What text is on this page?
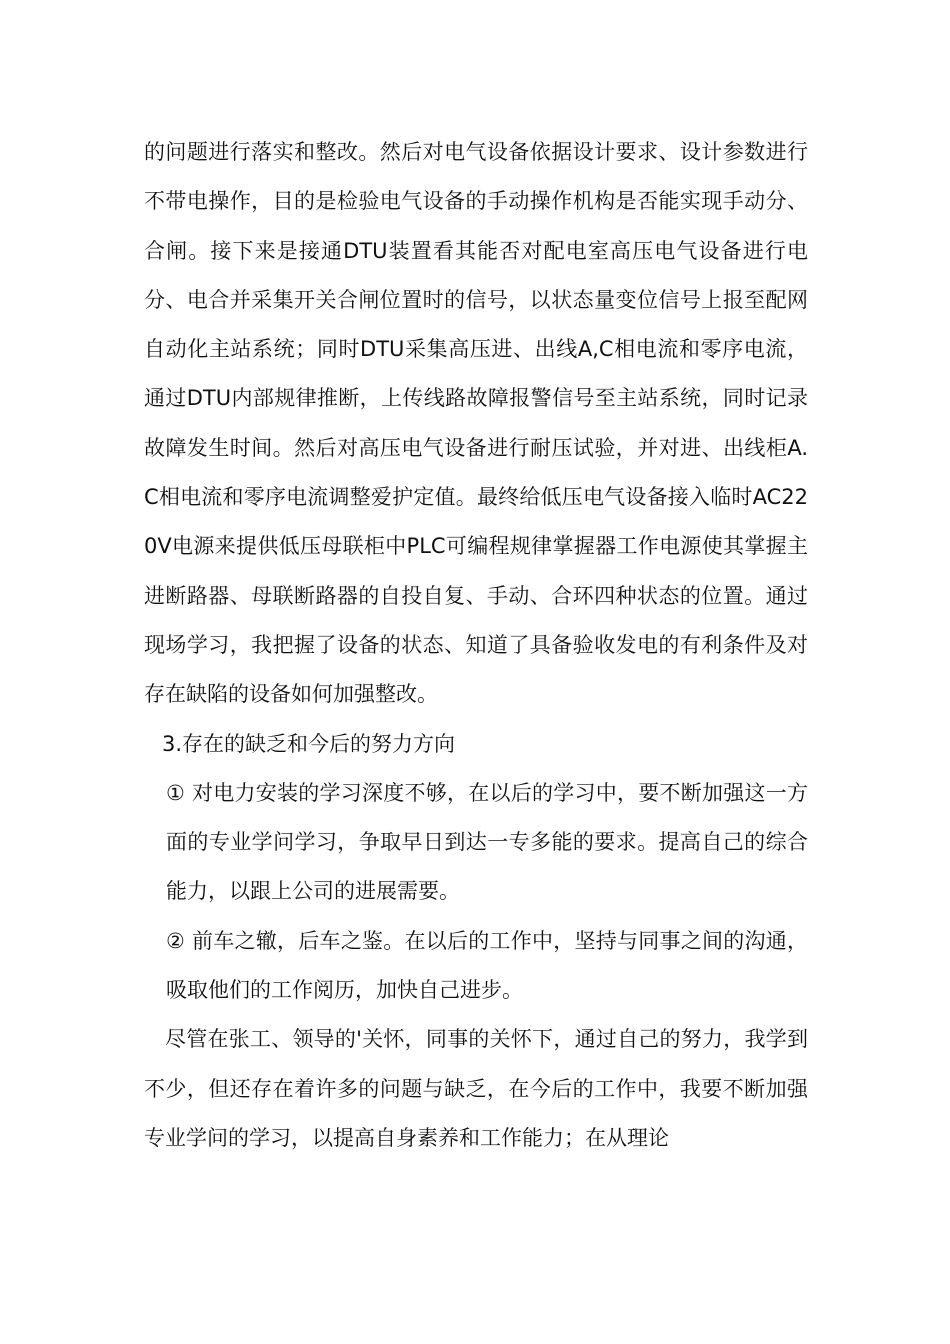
的问题进行落实和整改。然后对电气设备依据设计要求、设计参数进行不带电操作，目的是检验电气设备的手动操作机构是否能实现手动分、合闸。接下来是接通DTU装置看其能否对配电室高压电气设备进行电分、电合并采集开关合闸位置时的信号，以状态量变位信号上报至配网自动化主站系统；同时DTU采集高压进、出线A,C相电流和零序电流，通过DTU内部规律推断，上传线路故障报警信号至主站系统，同时记录故障发生时间。然后对高压电气设备进行耐压试验，并对进、出线柜A.C相电流和零序电流调整爱护定值。最终给低压电气设备接入临时AC220V电源来提供低压母联柜中PLC可编程规律掌握器工作电源使其掌握主进断路器、母联断路器的自投自复、手动、合环四种状态的位置。通过现场学习，我把握了设备的状态、知道了具备验收发电的有利条件及对存在缺陷的设备如何加强整改。

3.存在的缺乏和今后的努力方向

① 对电力安装的学习深度不够，在以后的学习中，要不断加强这一方面的专业学问学习，争取早日到达一专多能的要求。提高自己的综合能力，以跟上公司的进展需要。

② 前车之辙，后车之鉴。在以后的工作中，坚持与同事之间的沟通，吸取他们的工作阅历，加快自己进步。

尽管在张工、领导的'关怀，同事的关怀下，通过自己的努力，我学到不少，但还存在着许多的问题与缺乏，在今后的工作中，我要不断加强专业学问的学习，以提高自身素养和工作能力；在从理论
